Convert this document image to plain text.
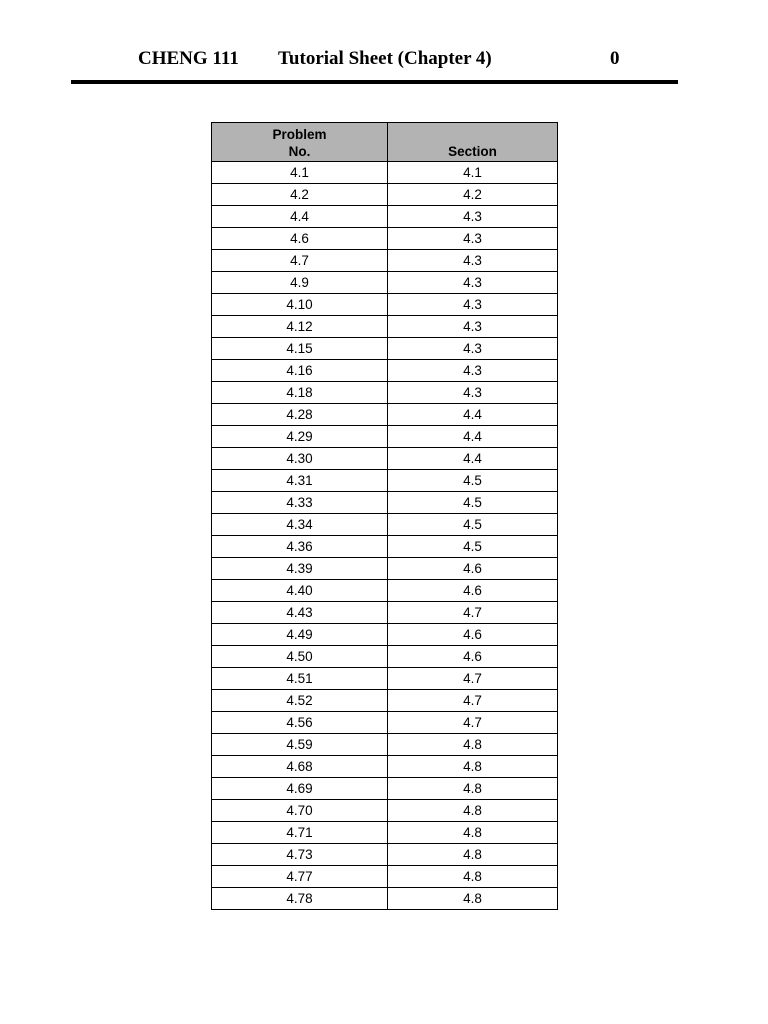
CHENG 111 Tutorial Sheet (Chapter 4)	0
Problem
No.	Section
4.1	4.1
4.2	4.2
4.4	4.3
4.6	4.3
4.7	4.3
4.9	4.3
4.10	4.3
4.12	4.3
4.15	4.3
4.16	4.3
4.18	4.3
4.28	4.4
4.29	4.4
4.30	4.4
4.31	4.5
4.33	4.5
4.34	4.5
4.36	4.5
4.39	4.6
4.40	4.6
4.43	4.7
4.49	4.6
4.50	4.6
4.51	4.7
4.52	4.7
4.56	4.7
4.59	4.8
4.68	4.8
4.69	4.8
4.70	4.8
4.71	4.8
4.73	4.8
4.77	4.8
4.78	4.8
